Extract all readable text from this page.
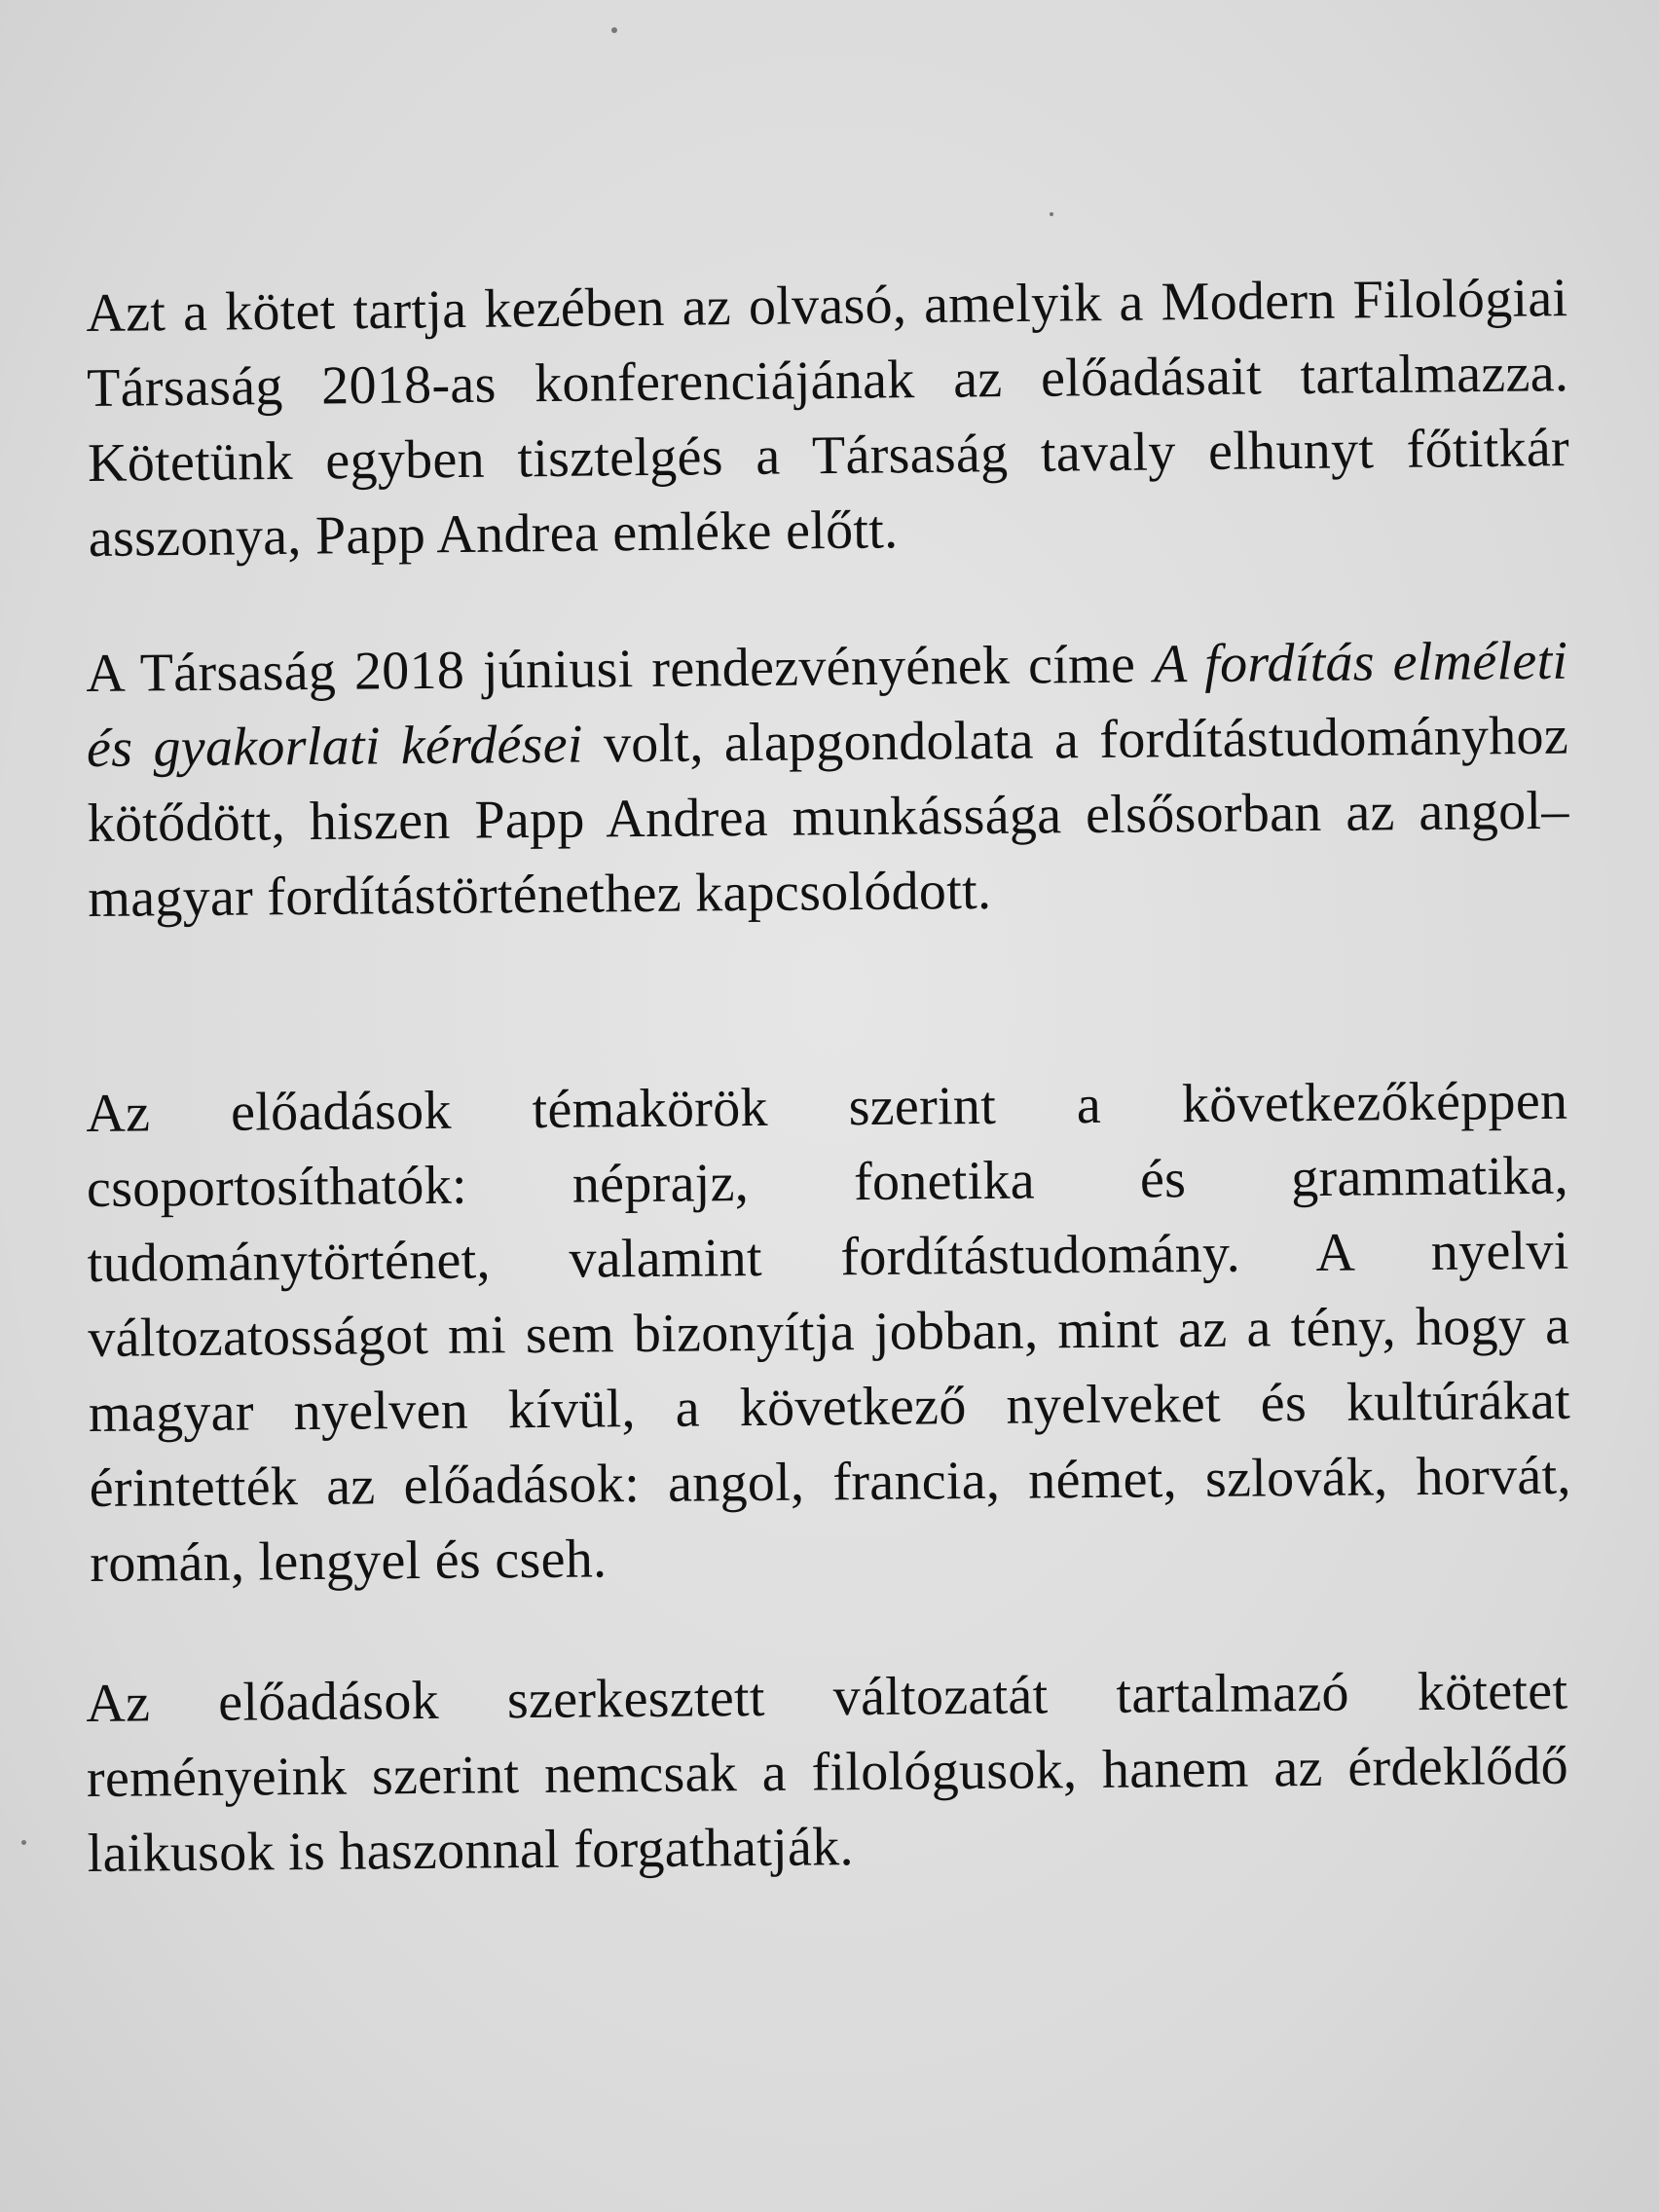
Azt a kötet tartja kezében az olvasó, amelyik a Modern Filológiai Társaság 2018-as konferenciájának az előadásait tartalmazza. Kötetünk egyben tisztelgés a Társaság tavaly elhunyt főtitkár asszonya, Papp Andrea emléke előtt.
A Társaság 2018 júniusi rendezvényének címe A fordítás elméleti és gyakorlati kérdései volt, alapgondolata a fordítástudományhoz kötődött, hiszen Papp Andrea munkássága elsősorban az angol–magyar fordítástörténethez kapcsolódott.
Az előadások témakörök szerint a következőképpen csoportosíthatók: néprajz, fonetika és grammatika, tudománytörténet, valamint fordítástudomány. A nyelvi változatosságot mi sem bizonyítja jobban, mint az a tény, hogy a magyar nyelven kívül, a következő nyelveket és kultúrákat érintették az előadások: angol, francia, német, szlovák, horvát, román, lengyel és cseh.
Az előadások szerkesztett változatát tartalmazó kötetet reményeink szerint nemcsak a filológusok, hanem az érdeklődő laikusok is haszonnal forgathatják.
